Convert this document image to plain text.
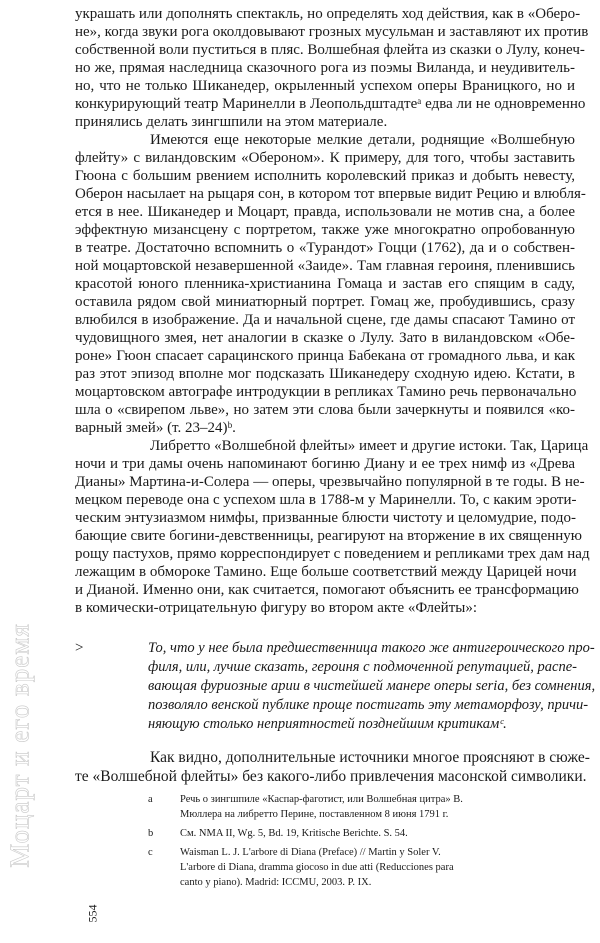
Моцарт и его время
украшать или дополнять спектакль, но определять ход действия, как в «Оберо-
не», когда звуки рога околдовывают грозных мусульман и заставляют их против
собственной воли пуститься в пляс. Волшебная флейта из сказки о Лулу, конеч-
но же, прямая наследница сказочного рога из поэмы Виланда, и неудивитель-
но, что не только Шиканедер, окрыленный успехом оперы Враницкого, но и
конкурирующий театр Маринелли в Леопольдштадтеᵃ едва ли не одновременно
принялись делать зингшпили на этом материале.
Имеются еще некоторые мелкие детали, роднящие «Волшебную
флейту» с виландовским «Обероном». К примеру, для того, чтобы заставить
Гюона с большим рвением исполнить королевский приказ и добыть невесту,
Оберон насылает на рыцаря сон, в котором тот впервые видит Рецию и влюбля-
ется в нее. Шиканедер и Моцарт, правда, использовали не мотив сна, а более
эффектную мизансцену с портретом, также уже многократно опробованную
в театре. Достаточно вспомнить о «Турандот» Гоцци (1762), да и о собствен-
ной моцартовской незавершенной «Заиде». Там главная героиня, пленившись
красотой юного пленника-христианина Гомаца и застав его спящим в саду,
оставила рядом свой миниатюрный портрет. Гомац же, пробудившись, сразу
влюбился в изображение. Да и начальной сцене, где дамы спасают Тамино от
чудовищного змея, нет аналогии в сказке о Лулу. Зато в виландовском «Обе-
роне» Гюон спасает сарацинского принца Бабекана от громадного льва, и как
раз этот эпизод вполне мог подсказать Шиканедеру сходную идею. Кстати, в
моцартовском автографе интродукции в репликах Тамино речь первоначально
шла о «свирепом льве», но затем эти слова были зачеркнуты и появился «ко-
варный змей» (т. 23–24)ᵇ.
Либретто «Волшебной флейты» имеет и другие истоки. Так, Царица
ночи и три дамы очень напоминают богиню Диану и ее трех нимф из «Древа
Дианы» Мартина-и-Солера — оперы, чрезвычайно популярной в те годы. В не-
мецком переводе она с успехом шла в 1788-м у Маринелли. То, с каким эроти-
ческим энтузиазмом нимфы, призванные блюсти чистоту и целомудрие, подо-
бающие свите богини-девственницы, реагируют на вторжение в их священную
рощу пастухов, прямо корреспондирует с поведением и репликами трех дам над
лежащим в обмороке Тамино. Еще больше соответствий между Царицей ночи
и Дианой. Именно они, как считается, помогают объяснить ее трансформацию
в комически-отрицательную фигуру во втором акте «Флейты»:
>	То, что у нее была предшественница такого же антигероического про-
филя, или, лучше сказать, героиня с подмоченной репутацией, распе-
вающая фуриозные арии в чистейшей манере оперы seria, без сомнения,
позволяло венской публике проще постигать эту метаморфозу, причи-
няющую столько неприятностей позднейшим критикамᶜ.
Как видно, дополнительные источники многое проясняют в сюже-
те «Волшебной флейты» без какого-либо привлечения масонской символики.
a	Речь о зингшпиле «Каспар-фаготист, или Волшебная цитра» В. Мюллера на либретто Перине, поставленном 8 июня 1791 г.
b	См. NMA II, Wg. 5, Bd. 19, Kritische Berichte. S. 54.
c	Waisman L. J. L'arbore di Diana (Preface) // Martin y Soler V. L'arbore di Diana, dramma giocoso in due atti (Reducciones para canto y piano). Madrid: ICCMU, 2003. P. IX.
554
